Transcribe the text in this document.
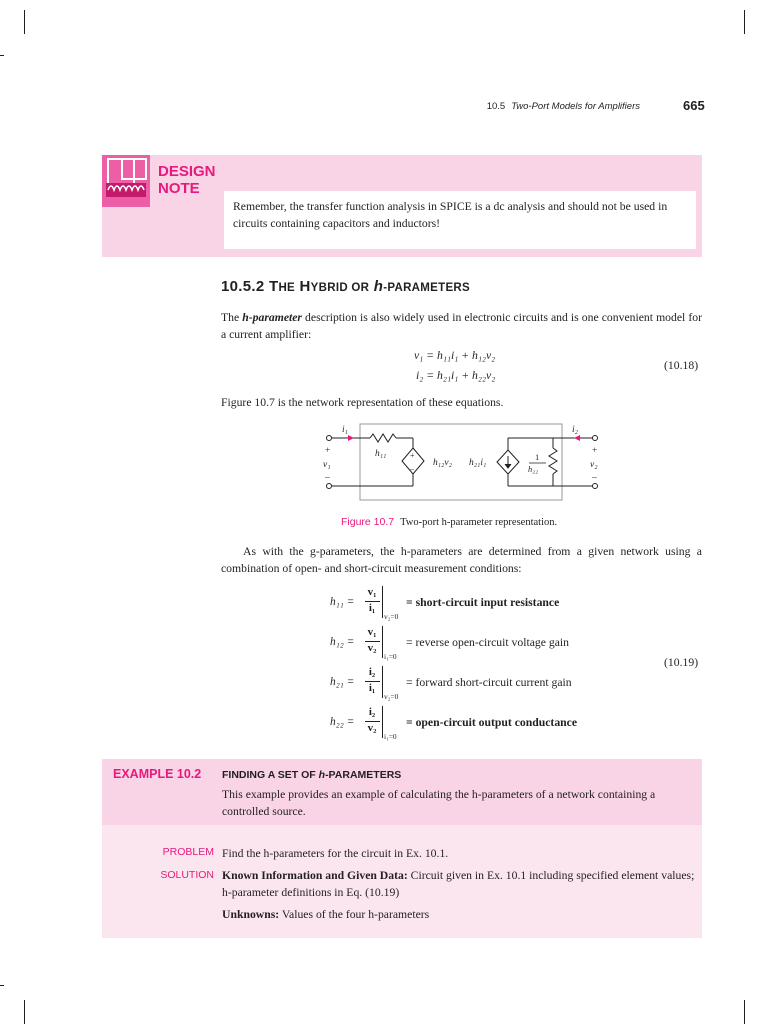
10.5 Two-Port Models for Amplifiers	665
DESIGN
NOTE
Remember, the transfer function analysis in SPICE is a dc analysis and should not be used in circuits containing capacitors and inductors!
10.5.2 THE HYBRID OR h-PARAMETERS
The h-parameter description is also widely used in electronic circuits and is one convenient model for a current amplifier:
v₁ = h₁₁i₁ + h₁₂v₂
i₂ = h₂₁i₁ + h₂₂v₂
(10.18)
Figure 10.7 is the network representation of these equations.
i₁	i₂
+
v₁
–
+
v₂
–
h₁₁	+
–
h₁₂v₂ h₂₁i₁
1
h₂₂
Figure 10.7 Two-port h-parameter representation.
As with the g-parameters, the h-parameters are determined from a given network using a combination of open- and short-circuit measurement conditions:
h₁₁ =
v₁
i₁
v₂=0
= short-circuit input resistance
h₁₂ =
v₁
v₂
i₁=0
= reverse open-circuit voltage gain
h₂₁ =
i₂
i₁
v₂=0
= forward short-circuit current gain
h₂₂ =
i₂
v₂
i₁=0
= open-circuit output conductance
(10.19)
EXAMPLE 10.2 FINDING A SET OF h-PARAMETERS
This example provides an example of calculating the h-parameters of a network containing a controlled source.
PROBLEM Find the h-parameters for the circuit in Ex. 10.1.
SOLUTION Known Information and Given Data: Circuit given in Ex. 10.1 including specified element values; h-parameter definitions in Eq. (10.19)
Unknowns: Values of the four h-parameters
